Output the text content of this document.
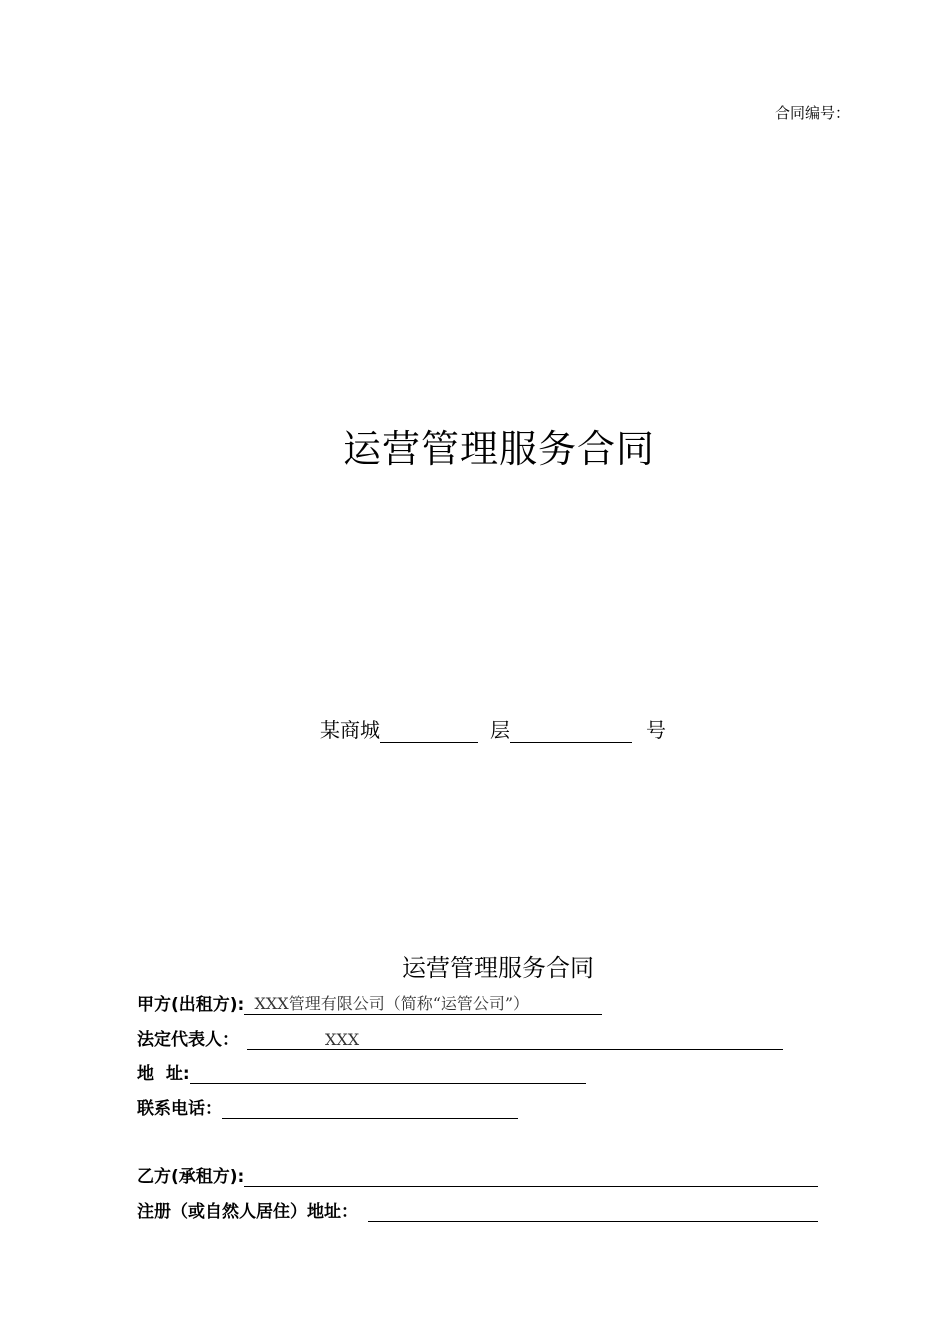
合同编号：
运营管理服务合同
某商城	层	号
运营管理服务合同
甲方(出租方): XXX管理有限公司（简称“运管公司”）
法定代表人：	XXX
地  址:
联系电话：
乙方(承租方):
注册（或自然人居住）地址：
